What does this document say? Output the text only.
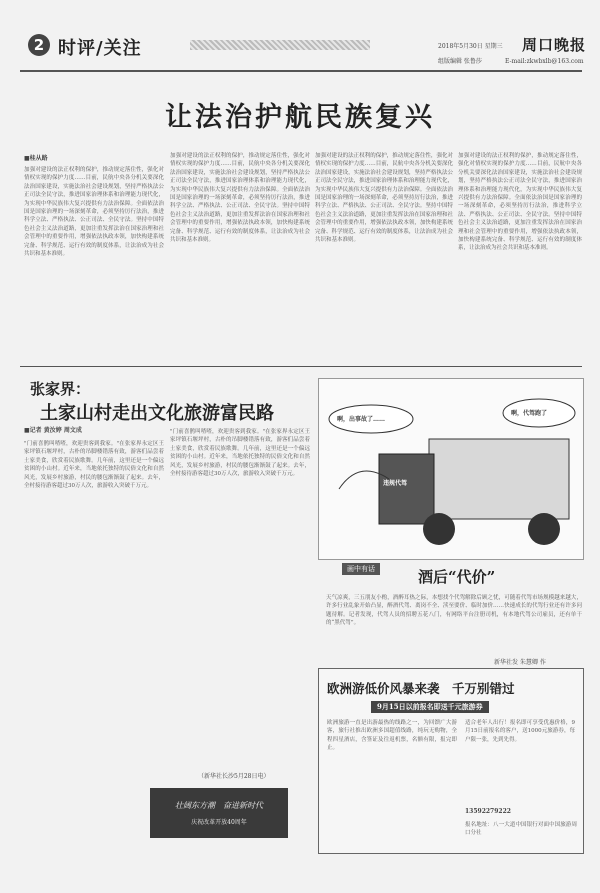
2 时评/关注	2018年5月30日 星期三 周口晚报
组版编辑 张鲁莎	E-mail:zkwbxlb@163.com
让法治护航民族复兴
■桂从路
加强对建设的法正权利的保护，推动规定落住性，强化对情权实现的保护力度……目前，民航中央各分机关要深化法治国家建设，实施法治社会建设规划，坚持严格执法公正司法全民守法，推进国家治理体系和治理能力现代化，为实现中华民族伟大复兴提供有力法治保障。全面依法治国是国家治理的一场深刻革命，必须坚持厉行法治，推进科学立法、严格执法、公正司法、全民守法。坚持中国特色社会主义法治道路，更加注重发挥法治在国家治理和社会管理中的重要作用，增强依法执政本领，加快构建系统完备、科学规范、运行有效的制度体系，让法治成为社会共识和基本准则。
加强对建设的法正权利的保护，推动规定落住性，强化对情权实现的保护力度……目前，民航中央各分机关要深化法治国家建设，实施法治社会建设规划，坚持严格执法公正司法全民守法，推进国家治理体系和治理能力现代化，为实现中华民族伟大复兴提供有力法治保障。全面依法治国是国家治理的一场深刻革命，必须坚持厉行法治，推进科学立法、严格执法、公正司法、全民守法。坚持中国特色社会主义法治道路，更加注重发挥法治在国家治理和社会管理中的重要作用，增强依法执政本领，加快构建系统完备、科学规范、运行有效的制度体系，让法治成为社会共识和基本准则。
加强对建设的法正权利的保护，推动规定落住性，强化对情权实现的保护力度……目前，民航中央各分机关要深化法治国家建设，实施法治社会建设规划，坚持严格执法公正司法全民守法，推进国家治理体系和治理能力现代化，为实现中华民族伟大复兴提供有力法治保障。全面依法治国是国家治理的一场深刻革命，必须坚持厉行法治，推进科学立法、严格执法、公正司法、全民守法。坚持中国特色社会主义法治道路，更加注重发挥法治在国家治理和社会管理中的重要作用，增强依法执政本领，加快构建系统完备、科学规范、运行有效的制度体系，让法治成为社会共识和基本准则。
加强对建设的法正权利的保护，推动规定落住性，强化对情权实现的保护力度……目前，民航中央各分机关要深化法治国家建设，实施法治社会建设规划，坚持严格执法公正司法全民守法，推进国家治理体系和治理能力现代化，为实现中华民族伟大复兴提供有力法治保障。全面依法治国是国家治理的一场深刻革命，必须坚持厉行法治，推进科学立法、严格执法、公正司法、全民守法。坚持中国特色社会主义法治道路，更加注重发挥法治在国家治理和社会管理中的重要作用，增强依法执政本领，加快构建系统完备、科学规范、运行有效的制度体系，让法治成为社会共识和基本准则。
张家界：
土家山村走出文化旅游富民路
■记者 黄汝婷 周文成
"门前喜鹊叫喳喳，欢迎贵客到我家。"在张家界永定区王家坪镇石堰坪村，古朴的吊脚楼错落有致，游客们品尝着土家美食，欣赏着民族歌舞。几年前，这里还是一个偏远贫困的小山村。近年来，当地依托独特的民俗文化和自然风光，发展乡村旅游，村民的腰包渐渐鼓了起来。去年，全村接待游客超过30万人次，旅游收入突破千万元。
"门前喜鹊叫喳喳，欢迎贵客到我家。"在张家界永定区王家坪镇石堰坪村，古朴的吊脚楼错落有致，游客们品尝着土家美食，欣赏着民族歌舞。几年前，这里还是一个偏远贫困的小山村。近年来，当地依托独特的民俗文化和自然风光，发展乡村旅游，村民的腰包渐渐鼓了起来。去年，全村接待游客超过30万人次，旅游收入突破千万元。
（新华社长沙5月28日电）
壮阔东方潮　奋进新时代
庆祝改革开放40周年
啊，出事故了……
啊，代驾跑了
违规代驾
画中有话	酒后“代价”
天气凉爽，三五朋友小酌，酒醉耳热之际，本想找个代驾解除后顾之忧，可随着代驾市场规模越来越大，许多行业乱象开始凸显，醉酒代驾、离岗不全、渎至要价、临时加价……快速成长的代驾行业还有许多问题待解。记者发现，代驾人员的招聘五花八门，有网络平台注册司机，有本地代驾公司雇员，还有单干的“黑代驾”。
新华社发 朱慧卿 作
欧洲游低价风暴来袭　千万别错过
9月15日以前报名即送千元旅游券
欧洲旅游一直是出游最热的线路之一，为回馈广大游客，旅行社推出欧洲多国超值线路，纯玩无购物，全程四星酒店，含签证及往返机票，名额有限，报完即止。
适合老年人出行！报名即可享受优惠价格，9月15日前报名的客户，送1000元旅游券，每户限一张，先到先得。
13592279222
报名地址：八一大道中国银行对面中国旅游周口分社
